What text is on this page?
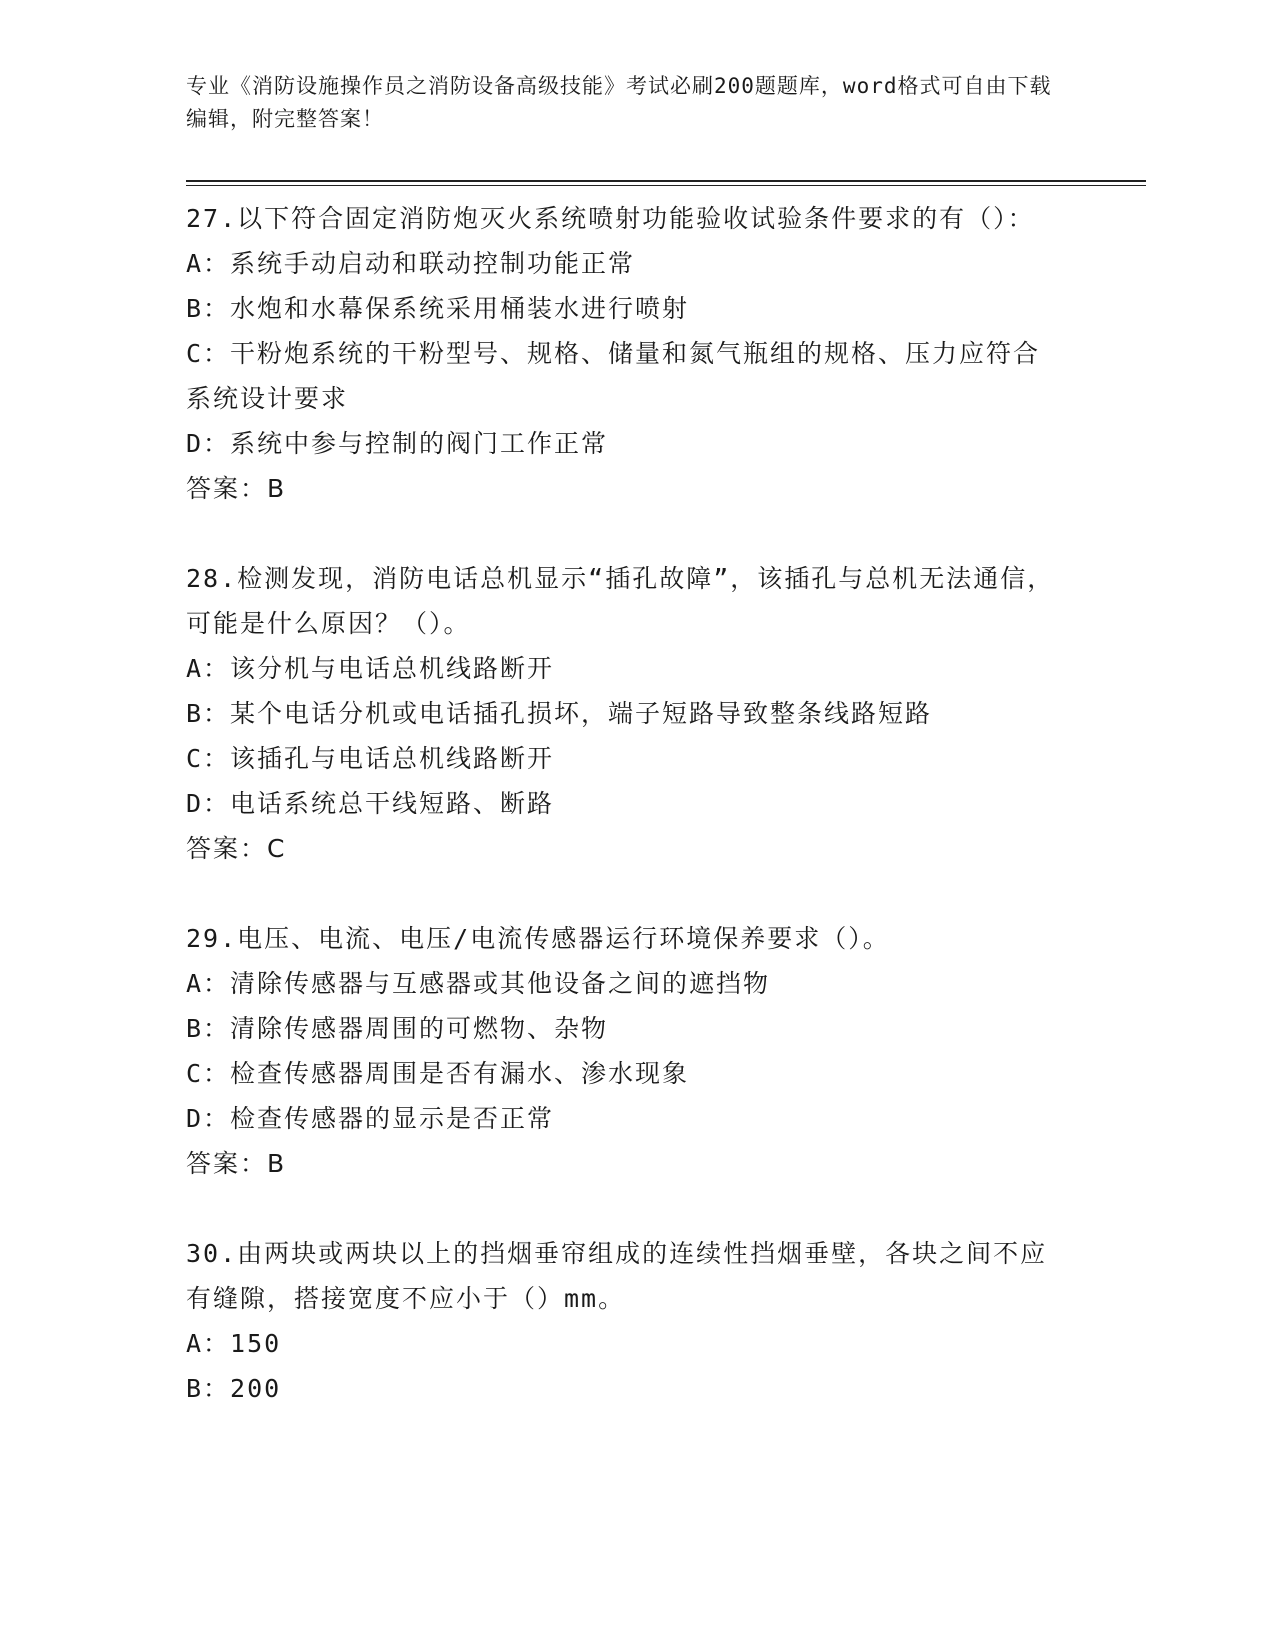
专业《消防设施操作员之消防设备高级技能》考试必刷200题题库，word格式可自由下载编辑，附完整答案！

27.以下符合固定消防炮灭火系统喷射功能验收试验条件要求的有（）：

A：系统手动启动和联动控制功能正常

B：水炮和水幕保系统采用桶装水进行喷射

C：干粉炮系统的干粉型号、规格、储量和氮气瓶组的规格、压力应符合系统设计要求

D：系统中参与控制的阀门工作正常

答案：B

28.检测发现，消防电话总机显示“插孔故障”，该插孔与总机无法通信，可能是什么原因？（）。

A：该分机与电话总机线路断开

B：某个电话分机或电话插孔损坏，端子短路导致整条线路短路

C：该插孔与电话总机线路断开

D：电话系统总干线短路、断路

答案：C

29.电压、电流、电压/电流传感器运行环境保养要求（）。

A：清除传感器与互感器或其他设备之间的遮挡物

B：清除传感器周围的可燃物、杂物

C：检查传感器周围是否有漏水、渗水现象

D：检查传感器的显示是否正常

答案：B

30.由两块或两块以上的挡烟垂帘组成的连续性挡烟垂壁，各块之间不应有缝隙，搭接宽度不应小于（）mm。

A：150

B：200
